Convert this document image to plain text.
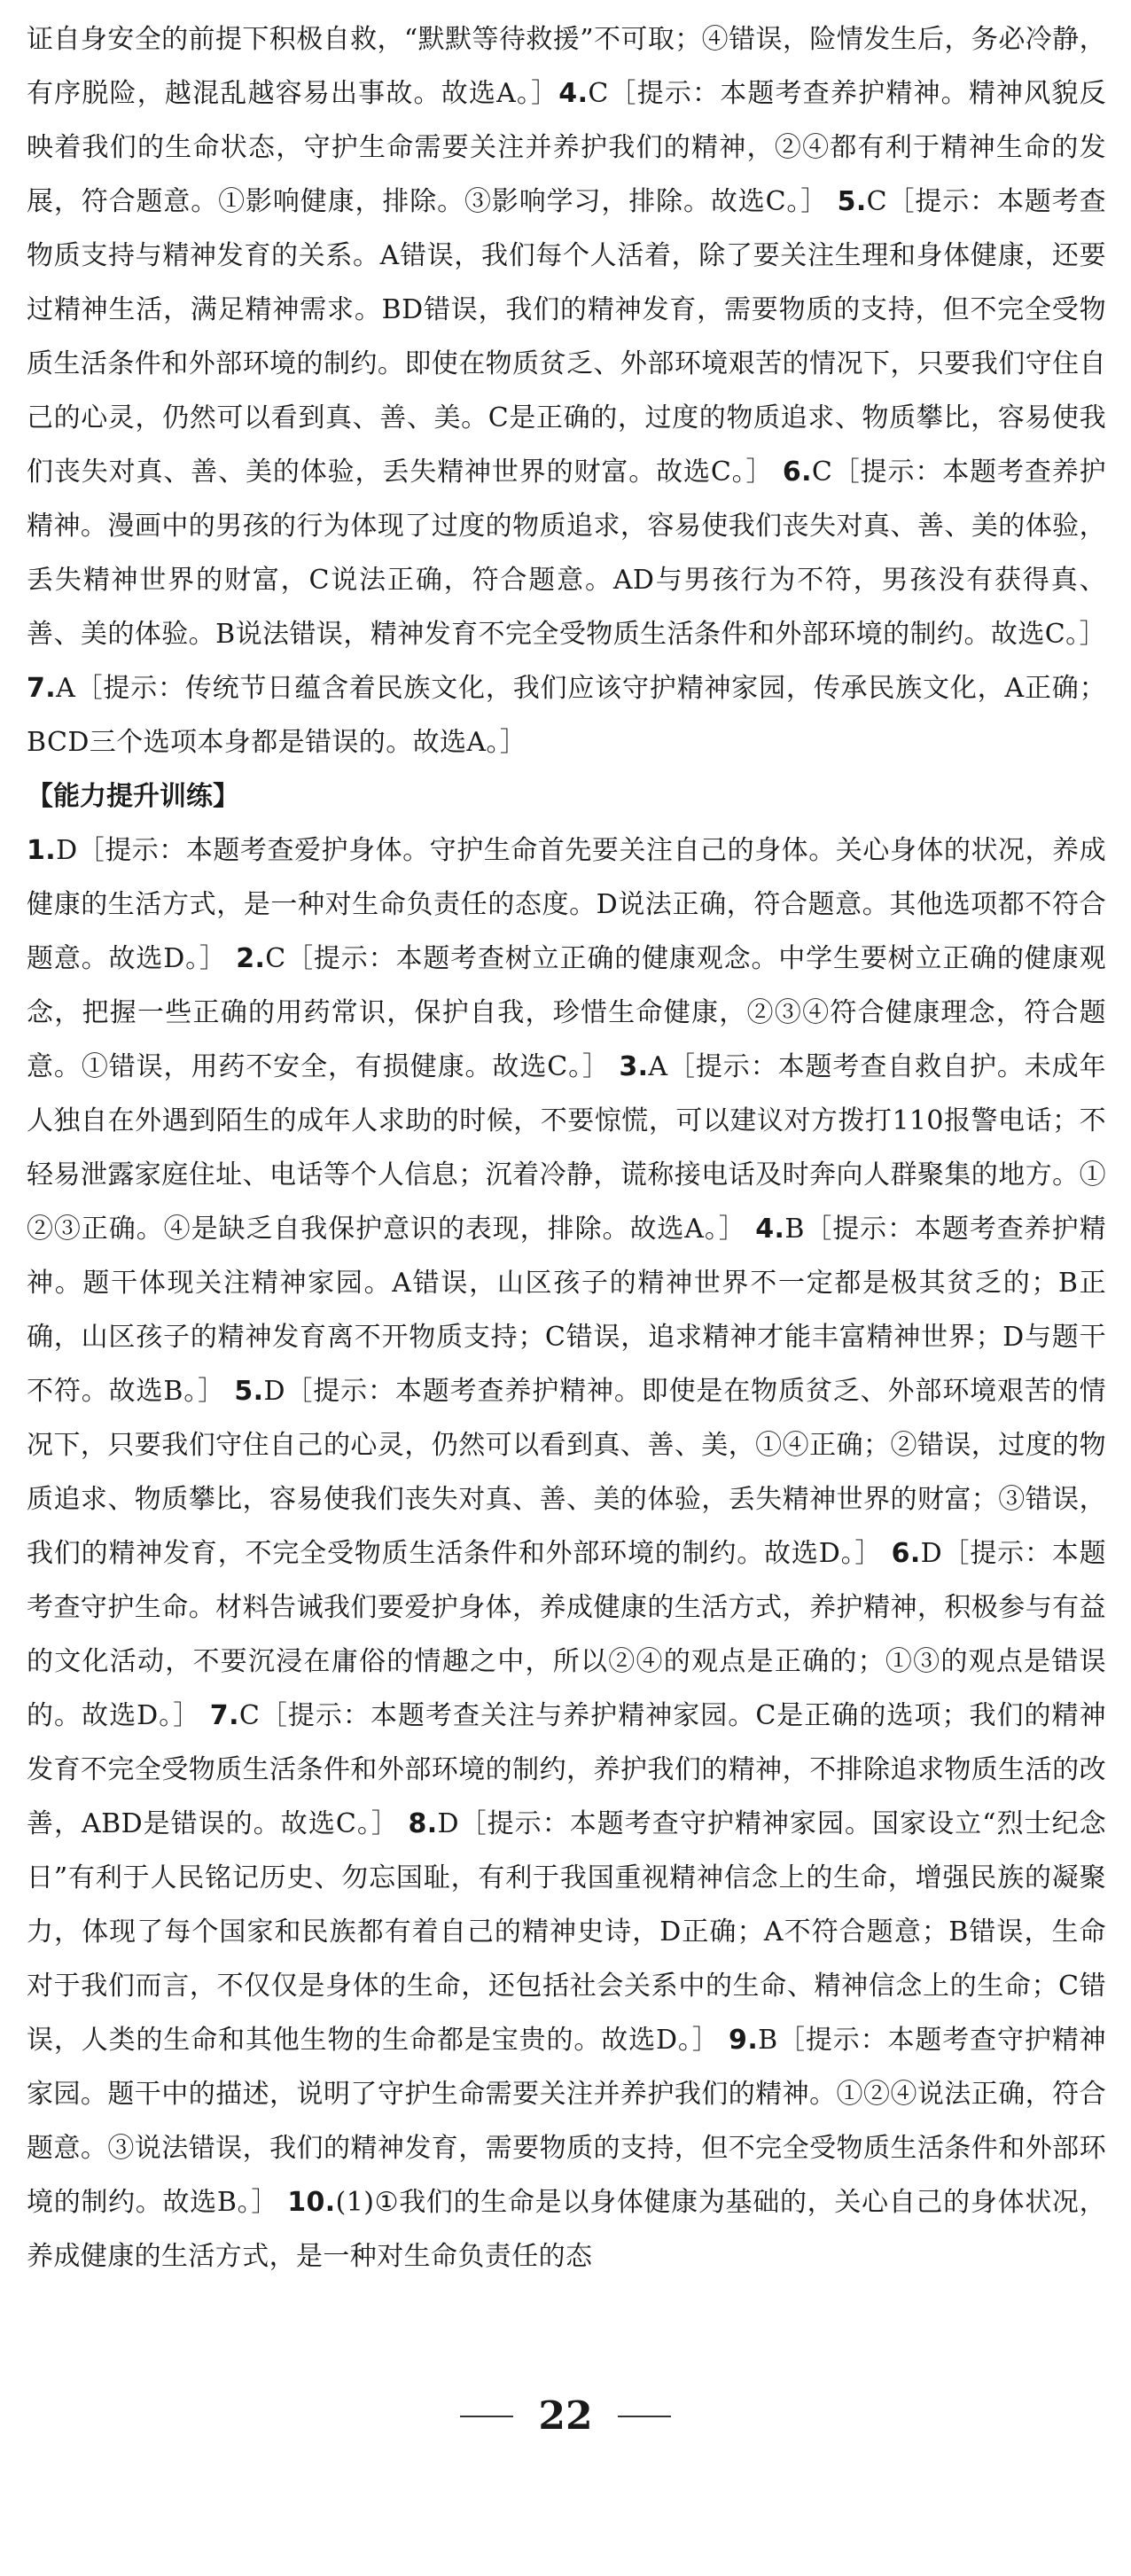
证自身安全的前提下积极自救，“默默等待救援”不可取；④错误，险情发生后，务必冷静，有序脱险，越混乱越容易出事故。故选A。］4.C［提示：本题考查养护精神。精神风貌反映着我们的生命状态，守护生命需要关注并养护我们的精神，②④都有利于精神生命的发展，符合题意。①影响健康，排除。③影响学习，排除。故选C。］ 5.C［提示：本题考查物质支持与精神发育的关系。A错误，我们每个人活着，除了要关注生理和身体健康，还要过精神生活，满足精神需求。BD错误，我们的精神发育，需要物质的支持，但不完全受物质生活条件和外部环境的制约。即使在物质贫乏、外部环境艰苦的情况下，只要我们守住自己的心灵，仍然可以看到真、善、美。C是正确的，过度的物质追求、物质攀比，容易使我们丧失对真、善、美的体验，丢失精神世界的财富。故选C。］ 6.C［提示：本题考查养护精神。漫画中的男孩的行为体现了过度的物质追求，容易使我们丧失对真、善、美的体验，丢失精神世界的财富，C说法正确，符合题意。AD与男孩行为不符，男孩没有获得真、善、美的体验。B说法错误，精神发育不完全受物质生活条件和外部环境的制约。故选C。］ 7.A［提示：传统节日蕴含着民族文化，我们应该守护精神家园，传承民族文化，A正确；BCD三个选项本身都是错误的。故选A。］

【能力提升训练】

1.D［提示：本题考查爱护身体。守护生命首先要关注自己的身体。关心身体的状况，养成健康的生活方式，是一种对生命负责任的态度。D说法正确，符合题意。其他选项都不符合题意。故选D。］ 2.C［提示：本题考查树立正确的健康观念。中学生要树立正确的健康观念，把握一些正确的用药常识，保护自我，珍惜生命健康，②③④符合健康理念，符合题意。①错误，用药不安全，有损健康。故选C。］ 3.A［提示：本题考查自救自护。未成年人独自在外遇到陌生的成年人求助的时候，不要惊慌，可以建议对方拨打110报警电话；不轻易泄露家庭住址、电话等个人信息；沉着冷静，谎称接电话及时奔向人群聚集的地方。①②③正确。④是缺乏自我保护意识的表现，排除。故选A。］ 4.B［提示：本题考查养护精神。题干体现关注精神家园。A错误，山区孩子的精神世界不一定都是极其贫乏的；B正确，山区孩子的精神发育离不开物质支持；C错误，追求精神才能丰富精神世界；D与题干不符。故选B。］ 5.D［提示：本题考查养护精神。即使是在物质贫乏、外部环境艰苦的情况下，只要我们守住自己的心灵，仍然可以看到真、善、美，①④正确；②错误，过度的物质追求、物质攀比，容易使我们丧失对真、善、美的体验，丢失精神世界的财富；③错误，我们的精神发育，不完全受物质生活条件和外部环境的制约。故选D。］ 6.D［提示：本题考查守护生命。材料告诫我们要爱护身体，养成健康的生活方式，养护精神，积极参与有益的文化活动，不要沉浸在庸俗的情趣之中，所以②④的观点是正确的；①③的观点是错误的。故选D。］ 7.C［提示：本题考查关注与养护精神家园。C是正确的选项；我们的精神发育不完全受物质生活条件和外部环境的制约，养护我们的精神，不排除追求物质生活的改善，ABD是错误的。故选C。］ 8.D［提示：本题考查守护精神家园。国家设立“烈士纪念日”有利于人民铭记历史、勿忘国耻，有利于我国重视精神信念上的生命，增强民族的凝聚力，体现了每个国家和民族都有着自己的精神史诗，D正确；A不符合题意；B错误，生命对于我们而言，不仅仅是身体的生命，还包括社会关系中的生命、精神信念上的生命；C错误，人类的生命和其他生物的生命都是宝贵的。故选D。］ 9.B［提示：本题考查守护精神家园。题干中的描述，说明了守护生命需要关注并养护我们的精神。①②④说法正确，符合题意。③说法错误，我们的精神发育，需要物质的支持，但不完全受物质生活条件和外部环境的制约。故选B。］ 10.(1)①我们的生命是以身体健康为基础的，关心自己的身体状况，养成健康的生活方式，是一种对生命负责任的态

22
